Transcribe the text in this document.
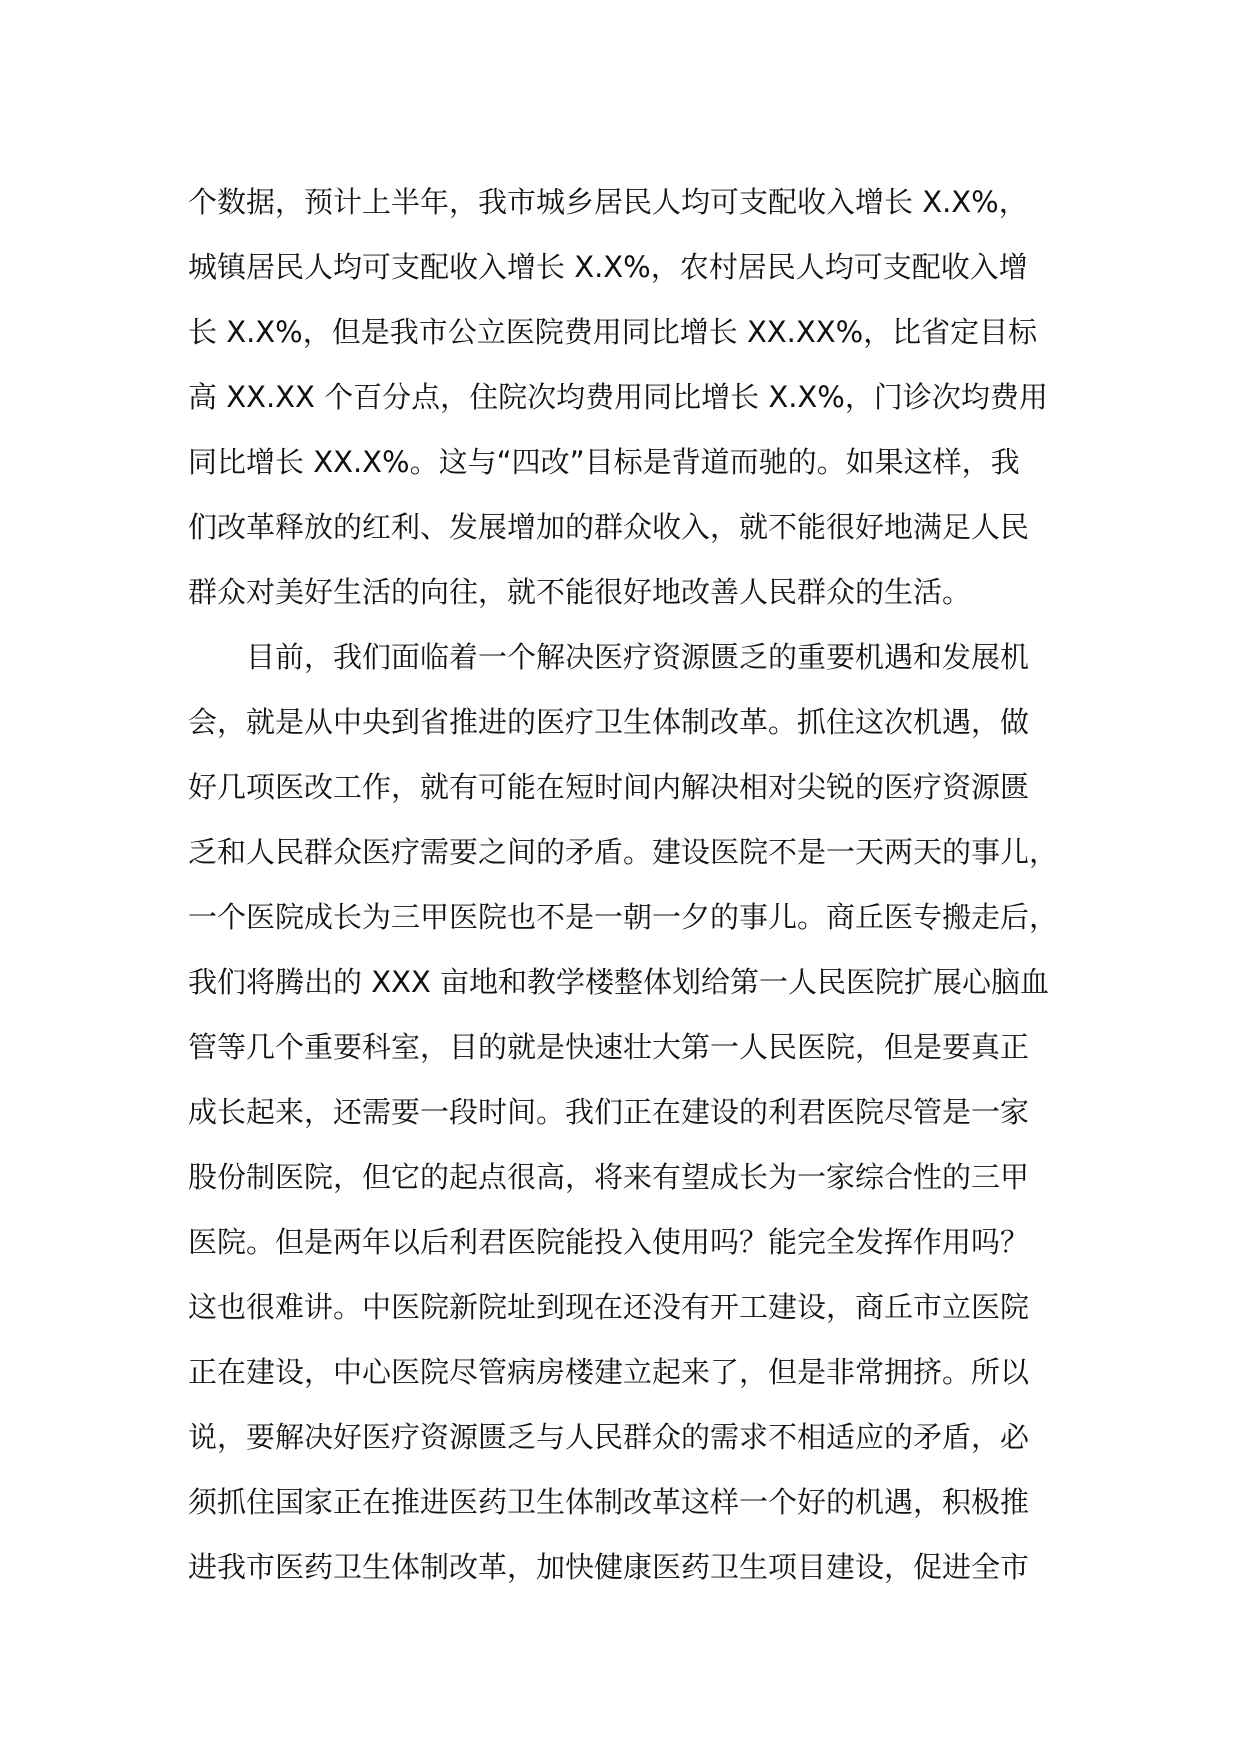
个数据，预计上半年，我市城乡居民人均可支配收入增长 X.X%，
城镇居民人均可支配收入增长 X.X%，农村居民人均可支配收入增
长 X.X%，但是我市公立医院费用同比增长 XX.XX%，比省定目标
高 XX.XX 个百分点，住院次均费用同比增长 X.X%，门诊次均费用
同比增长 XX.X%。这与“四改”目标是背道而驰的。如果这样，我
们改革释放的红利、发展增加的群众收入，就不能很好地满足人民
群众对美好生活的向往，就不能很好地改善人民群众的生活。
目前，我们面临着一个解决医疗资源匮乏的重要机遇和发展机
会，就是从中央到省推进的医疗卫生体制改革。抓住这次机遇，做
好几项医改工作，就有可能在短时间内解决相对尖锐的医疗资源匮
乏和人民群众医疗需要之间的矛盾。建设医院不是一天两天的事儿，
一个医院成长为三甲医院也不是一朝一夕的事儿。商丘医专搬走后，
我们将腾出的 XXX 亩地和教学楼整体划给第一人民医院扩展心脑血
管等几个重要科室，目的就是快速壮大第一人民医院，但是要真正
成长起来，还需要一段时间。我们正在建设的利君医院尽管是一家
股份制医院，但它的起点很高，将来有望成长为一家综合性的三甲
医院。但是两年以后利君医院能投入使用吗？能完全发挥作用吗？
这也很难讲。中医院新院址到现在还没有开工建设，商丘市立医院
正在建设，中心医院尽管病房楼建立起来了，但是非常拥挤。所以
说，要解决好医疗资源匮乏与人民群众的需求不相适应的矛盾，必
须抓住国家正在推进医药卫生体制改革这样一个好的机遇，积极推
进我市医药卫生体制改革，加快健康医药卫生项目建设，促进全市
